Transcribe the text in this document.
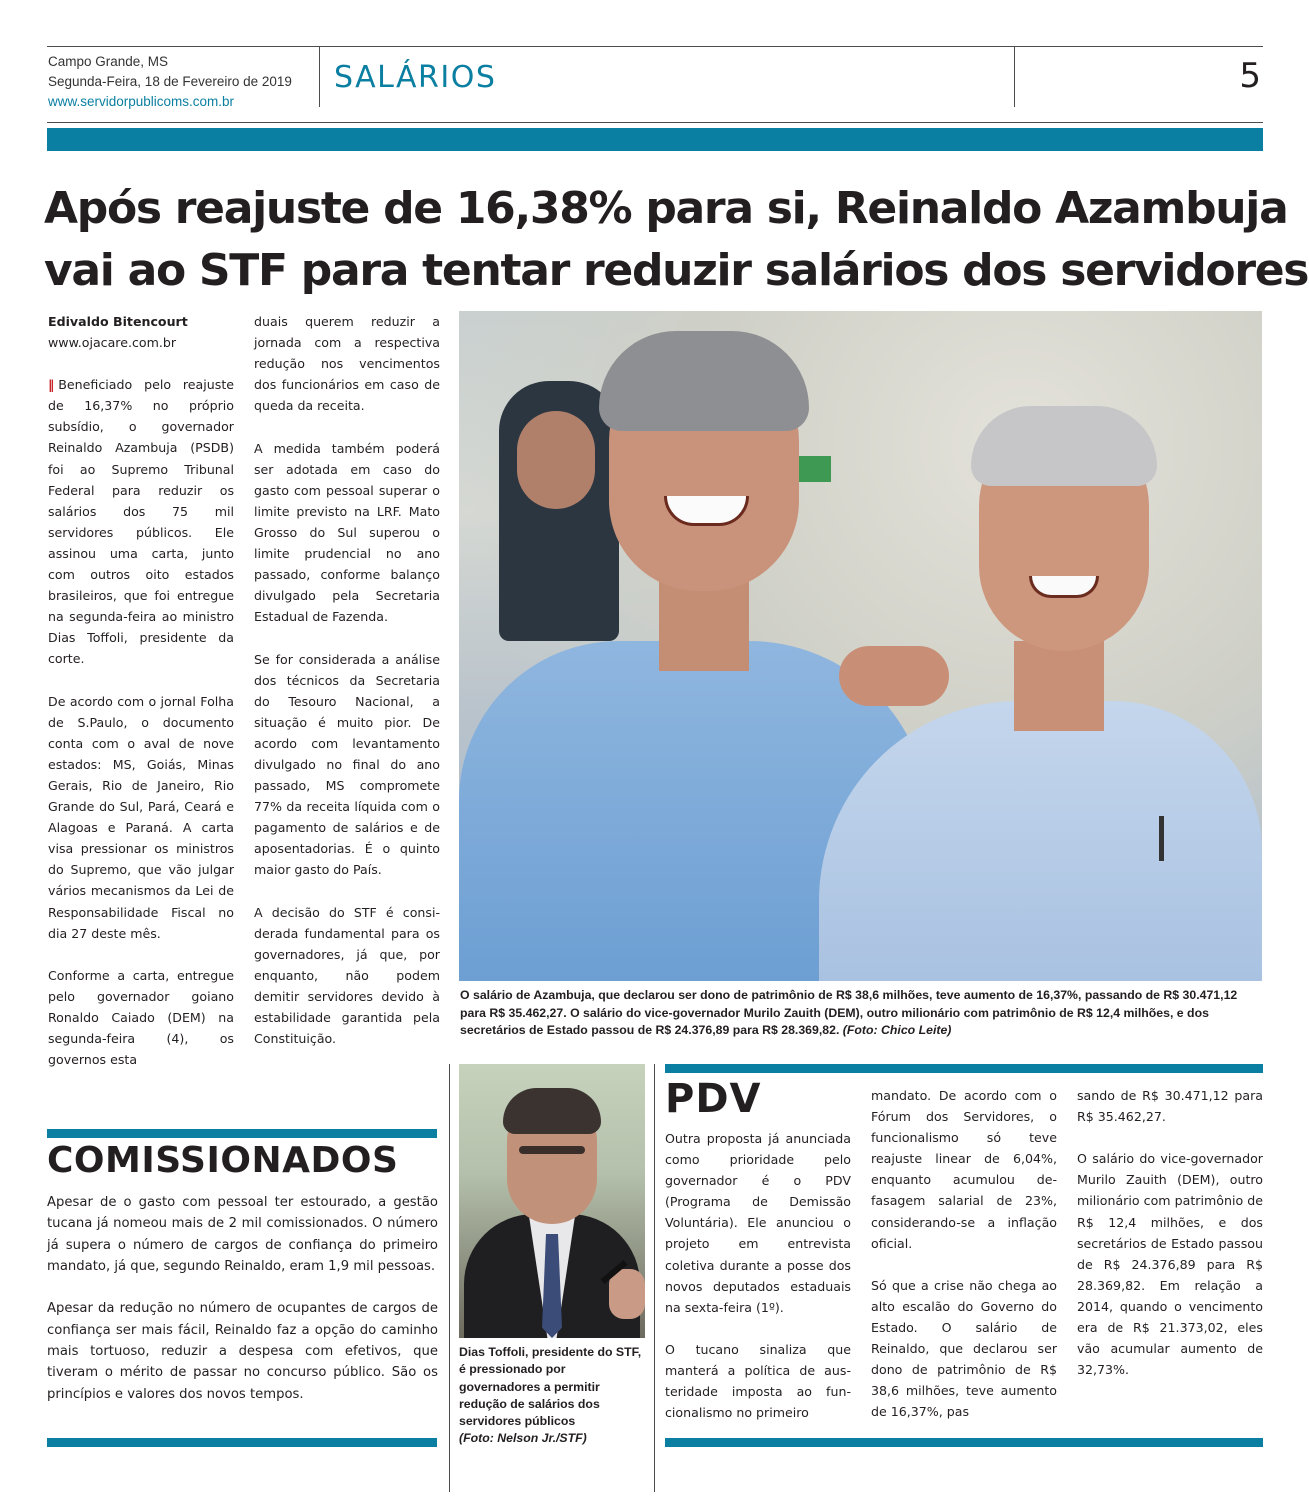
Campo Grande, MS
Segunda-Feira, 18 de Fevereiro de 2019
www.servidorpublicoms.com.br
SALÁRIOS	5
Após reajuste de 16,38% para si, Reinaldo Azambuja
vai ao STF para tentar reduzir salários dos servidores
Edivaldo Bitencourt
www.ojacare.com.br

‖ Beneficiado pelo reajuste de 16,37% no próprio subsídio, o governador Reinaldo Azambuja (PSDB) foi ao Supremo Tribunal Federal para reduzir os salários dos 75 mil servidores públicos. Ele assinou uma carta, junto com outros oito estados brasileiros, que foi entregue na segunda-feira ao ministro Dias Toffoli, presidente da corte.

De acordo com o jornal Folha de S.Paulo, o documento conta com o aval de nove estados: MS, Goiás, Minas Gerais, Rio de Janeiro, Rio Grande do Sul, Pará, Ceará e Alagoas e Paraná. A carta visa pressionar os ministros do Supremo, que vão julgar vários mecanismos da Lei de Responsabilidade Fiscal no dia 27 deste mês.

Conforme a carta, entregue pelo governador goiano Ronaldo Caiado (DEM) na segunda-feira (4), os governos esta

duais querem reduzir a jornada com a respectiva redução nos vencimentos dos funcionários em caso de queda da receita.

A medida também poderá ser adotada em caso do gasto com pessoal superar o limite previsto na LRF. Mato Grosso do Sul superou o limite prudencial no ano passado, conforme balanço divulgado pela Secretaria Estadual de Fazenda.

Se for considerada a análise dos técnicos da Secretaria do Tesouro Nacional, a situação é muito pior. De acordo com levantamento divulgado no final do ano passado, MS compromete 77% da receita líquida com o pagamento de salários e de aposentadorias. É o quinto maior gasto do País.

A decisão do STF é considerada fundamental para os governadores, já que, por enquanto, não podem demitir servidores devido à estabilidade garantida pela Constituição.

O salário de Azambuja, que declarou ser dono de patrimônio de R$ 38,6 milhões, teve aumento de 16,37%, passando de R$ 30.471,12 para R$ 35.462,27. O salário do vice-governador Murilo Zauith (DEM), outro milionário com patrimônio de R$ 12,4 milhões, e dos secretários de Estado passou de R$ 24.376,89 para R$ 28.369,82. (Foto: Chico Leite)
COMISSIONADOS

Apesar de o gasto com pessoal ter estourado, a gestão tucana já nomeou mais de 2 mil comissionados. O número já supera o número de cargos de confiança do primeiro mandato, já que, segundo Reinaldo, eram 1,9 mil pessoas.

Apesar da redução no número de ocupantes de cargos de confiança ser mais fácil, Reinaldo faz a opção do caminho mais tortuoso, reduzir a despesa com efetivos, que tiveram o mérito de passar no concurso público. São os princípios e valores dos novos tempos.

Dias Toffoli, presidente do STF, é pressionado por governadores a permitir redução de salários dos servidores públicos
(Foto: Nelson Jr./STF)
PDV

Outra proposta já anunciada como prioridade pelo governador é o PDV (Programa de Demissão Voluntária). Ele anunciou o projeto em entrevista coletiva durante a posse dos novos deputados estaduais na sexta-feira (1º).

O tucano sinaliza que manterá a política de austeridade imposta ao funcionalismo no primeiro

mandato. De acordo com o Fórum dos Servidores, o funcionalismo só teve reajuste linear de 6,04%, enquanto acumulou defasagem salarial de 23%, considerando-se a inflação oficial.

Só que a crise não chega ao alto escalão do Governo do Estado. O salário de Reinaldo, que declarou ser dono de patrimônio de R$ 38,6 milhões, teve aumento de 16,37%, pas

sando de R$ 30.471,12 para R$ 35.462,27.

O salário do vice-governador Murilo Zauith (DEM), outro milionário com patrimônio de R$ 12,4 milhões, e dos secretários de Estado passou de R$ 24.376,89 para R$ 28.369,82. Em relação a 2014, quando o vencimento era de R$ 21.373,02, eles vão acumular aumento de 32,73%.
